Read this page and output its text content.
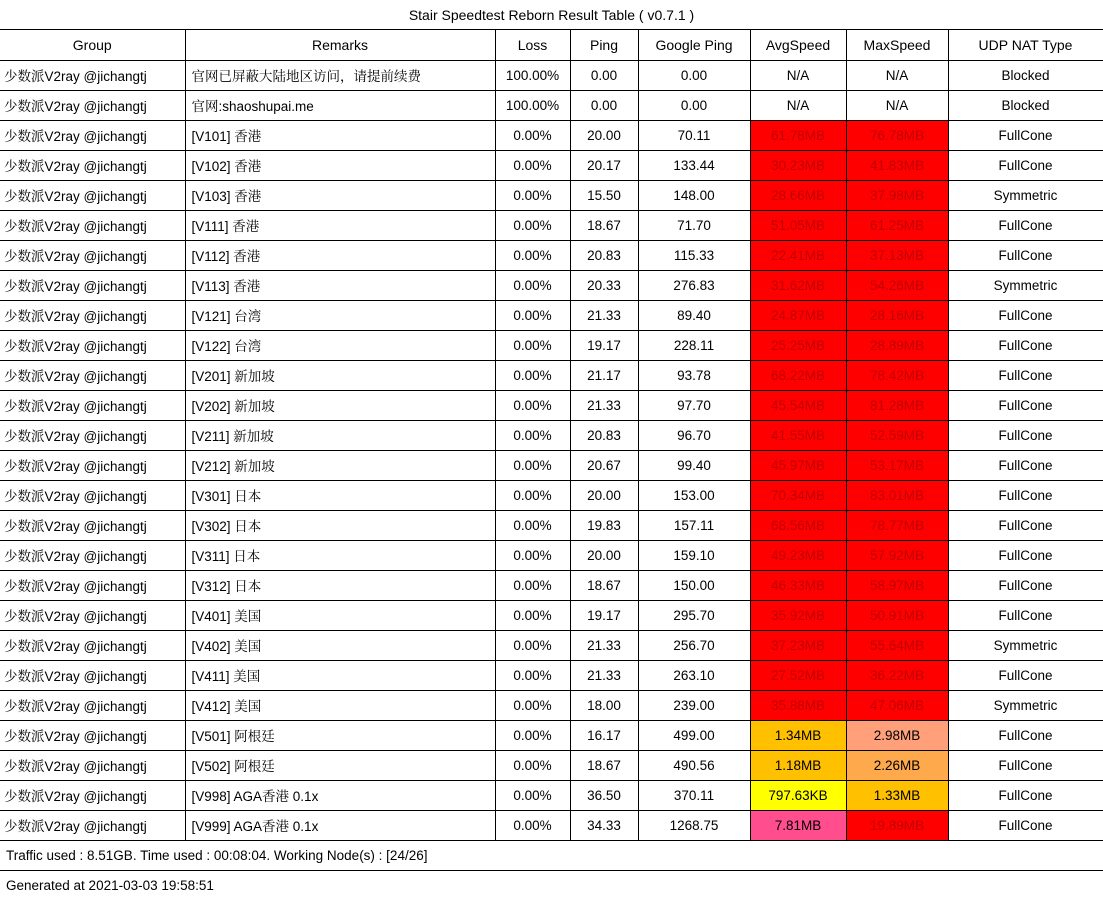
Stair Speedtest Reborn Result Table ( v0.7.1 )
Group	Remarks	Loss	Ping	Google Ping	AvgSpeed	MaxSpeed	UDP NAT Type
少数派V2ray @jichangtj	官网已屏蔽大陆地区访问，请提前续费	100.00%	0.00	0.00	N/A	N/A	Blocked
少数派V2ray @jichangtj	官网:shaoshupai.me	100.00%	0.00	0.00	N/A	N/A	Blocked
少数派V2ray @jichangtj	[V101] 香港	0.00%	20.00	70.11	61.78MB	76.78MB	FullCone
少数派V2ray @jichangtj	[V102] 香港	0.00%	20.17	133.44	30.23MB	41.83MB	FullCone
少数派V2ray @jichangtj	[V103] 香港	0.00%	15.50	148.00	28.66MB	37.98MB	Symmetric
少数派V2ray @jichangtj	[V111] 香港	0.00%	18.67	71.70	51.05MB	61.25MB	FullCone
少数派V2ray @jichangtj	[V112] 香港	0.00%	20.83	115.33	22.41MB	37.13MB	FullCone
少数派V2ray @jichangtj	[V113] 香港	0.00%	20.33	276.83	31.62MB	54.26MB	Symmetric
少数派V2ray @jichangtj	[V121] 台湾	0.00%	21.33	89.40	24.87MB	28.16MB	FullCone
少数派V2ray @jichangtj	[V122] 台湾	0.00%	19.17	228.11	25.25MB	28.89MB	FullCone
少数派V2ray @jichangtj	[V201] 新加坡	0.00%	21.17	93.78	68.22MB	78.42MB	FullCone
少数派V2ray @jichangtj	[V202] 新加坡	0.00%	21.33	97.70	45.54MB	81.28MB	FullCone
少数派V2ray @jichangtj	[V211] 新加坡	0.00%	20.83	96.70	41.55MB	52.59MB	FullCone
少数派V2ray @jichangtj	[V212] 新加坡	0.00%	20.67	99.40	45.97MB	53.17MB	FullCone
少数派V2ray @jichangtj	[V301] 日本	0.00%	20.00	153.00	70.34MB	83.01MB	FullCone
少数派V2ray @jichangtj	[V302] 日本	0.00%	19.83	157.11	68.56MB	78.77MB	FullCone
少数派V2ray @jichangtj	[V311] 日本	0.00%	20.00	159.10	49.23MB	57.92MB	FullCone
少数派V2ray @jichangtj	[V312] 日本	0.00%	18.67	150.00	46.33MB	58.97MB	FullCone
少数派V2ray @jichangtj	[V401] 美国	0.00%	19.17	295.70	35.92MB	50.91MB	FullCone
少数派V2ray @jichangtj	[V402] 美国	0.00%	21.33	256.70	37.23MB	55.64MB	Symmetric
少数派V2ray @jichangtj	[V411] 美国	0.00%	21.33	263.10	27.52MB	36.22MB	FullCone
少数派V2ray @jichangtj	[V412] 美国	0.00%	18.00	239.00	35.88MB	47.06MB	Symmetric
少数派V2ray @jichangtj	[V501] 阿根廷	0.00%	16.17	499.00	1.34MB	2.98MB	FullCone
少数派V2ray @jichangtj	[V502] 阿根廷	0.00%	18.67	490.56	1.18MB	2.26MB	FullCone
少数派V2ray @jichangtj	[V998] AGA香港 0.1x	0.00%	36.50	370.11	797.63KB	1.33MB	FullCone
少数派V2ray @jichangtj	[V999] AGA香港 0.1x	0.00%	34.33	1268.75	7.81MB	19.89MB	FullCone
Traffic used : 8.51GB. Time used : 00:08:04. Working Node(s) : [24/26]
Generated at 2021-03-03 19:58:51
